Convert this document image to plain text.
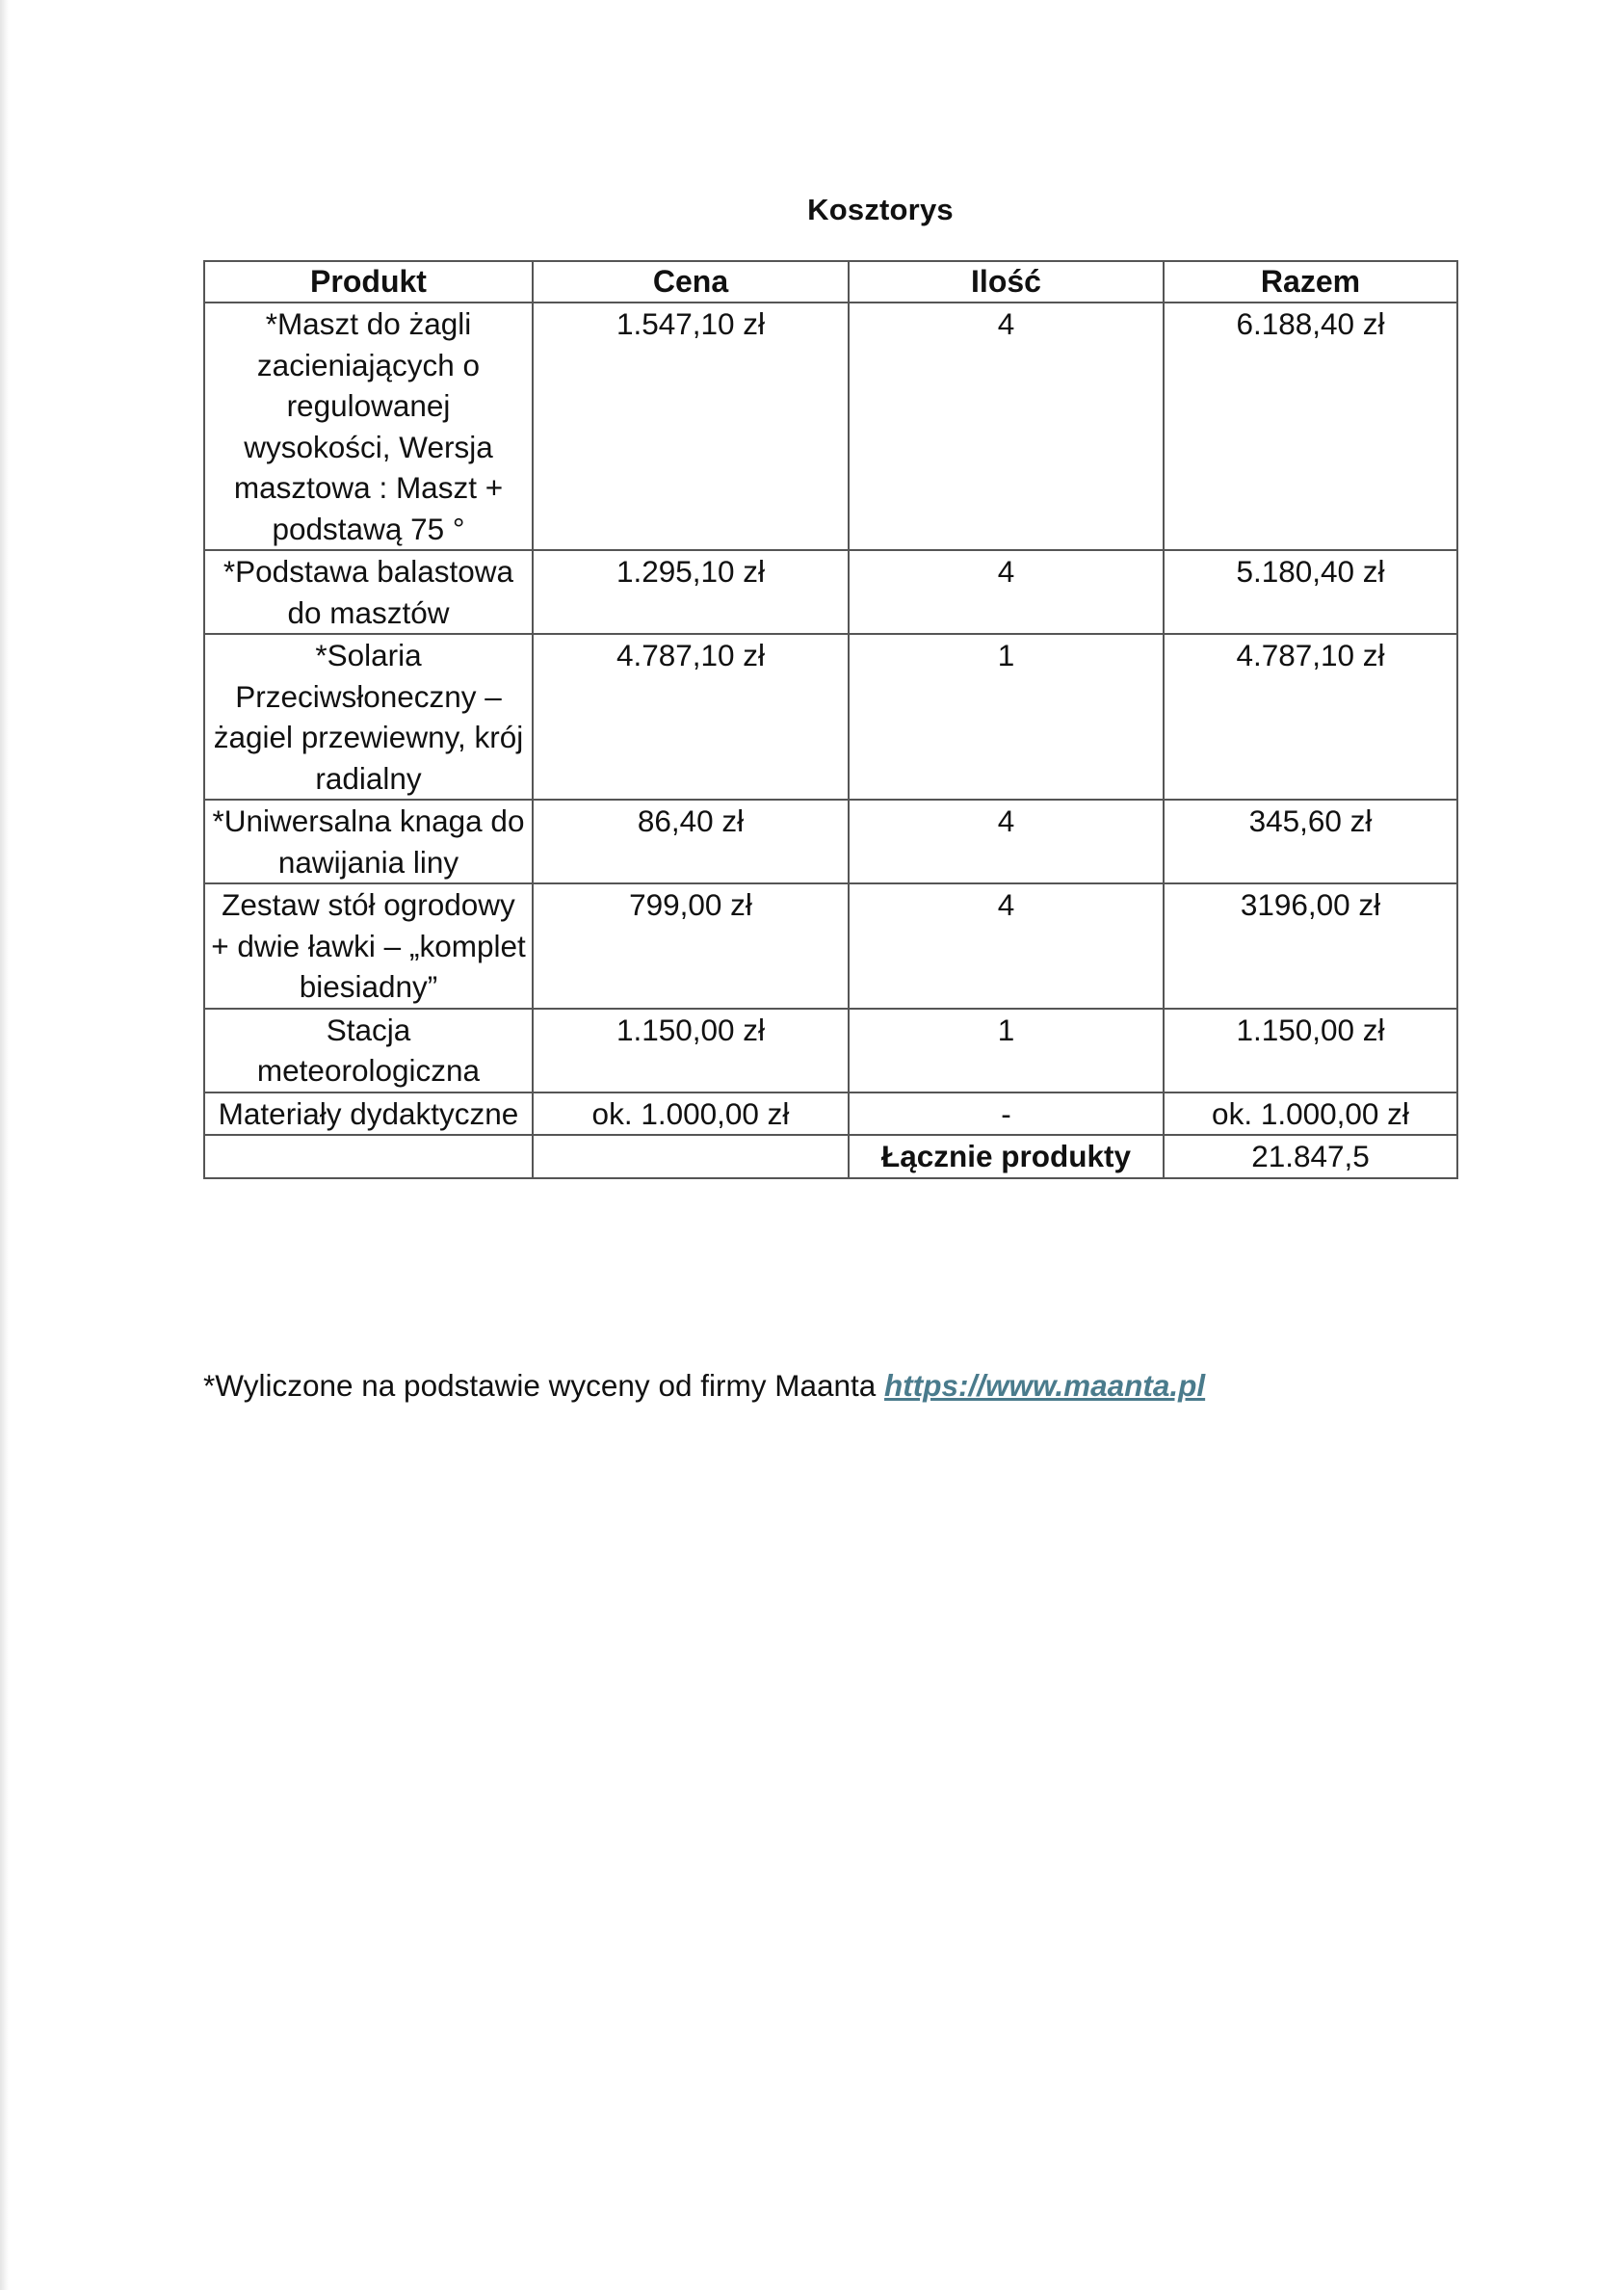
Kosztorys
Produkt	Cena	Ilość	Razem
*Maszt do żagli zacieniających o regulowanej wysokości, Wersja masztowa : Maszt + podstawą 75 °	1.547,10 zł	4	6.188,40 zł
*Podstawa balastowa do masztów	1.295,10 zł	4	5.180,40 zł
*Solaria Przeciwsłoneczny – żagiel przewiewny, krój radialny	4.787,10 zł	1	4.787,10 zł
*Uniwersalna knaga do nawijania liny	86,40 zł	4	345,60 zł
Zestaw stół ogrodowy + dwie ławki – „komplet biesiadny”	799,00 zł	4	3196,00 zł
Stacja meteorologiczna	1.150,00 zł	1	1.150,00 zł
Materiały dydaktyczne	ok. 1.000,00 zł	-	ok. 1.000,00 zł
		Łącznie produkty	21.847,5
*Wyliczone na podstawie wyceny od firmy Maanta https://www.maanta.pl
